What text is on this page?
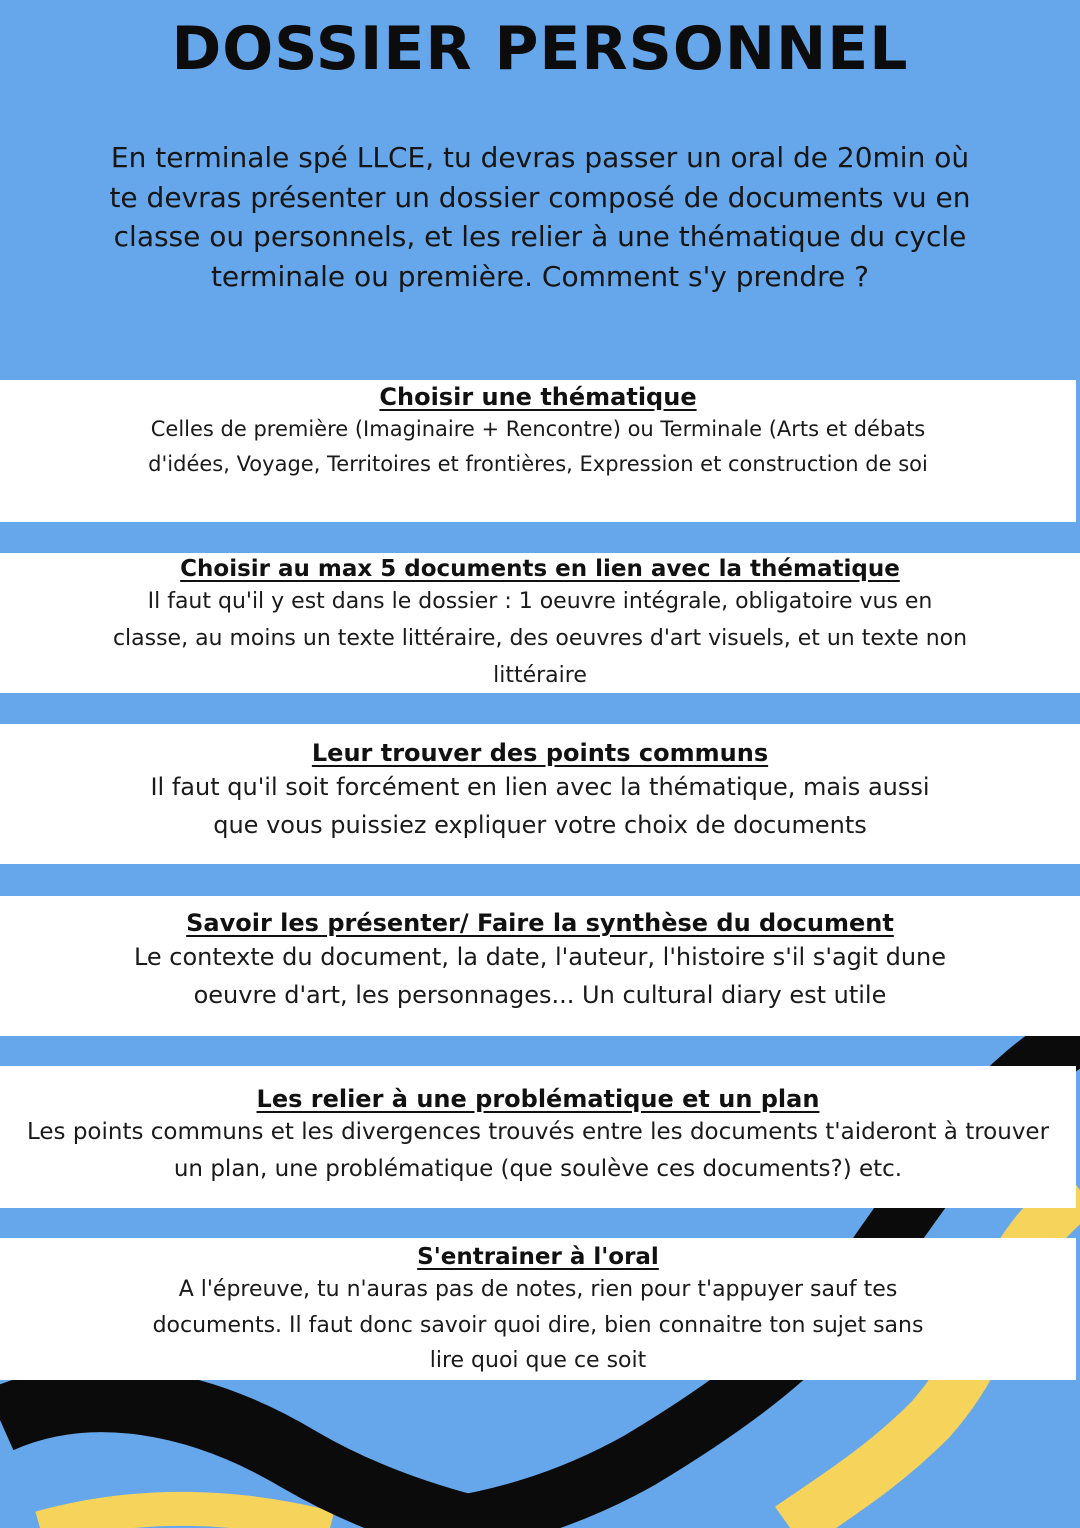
DOSSIER PERSONNEL
En terminale spé LLCE, tu devras passer un oral de 20min où te devras présenter un dossier composé de documents vu en classe ou personnels, et les relier à une thématique du cycle terminale ou première. Comment s'y prendre ?
Choisir une thématique

Celles de première (Imaginaire + Rencontre) ou Terminale (Arts et débats d'idées, Voyage, Territoires et frontières, Expression et construction de soi

Choisir au max 5 documents en lien avec la thématique

Il faut qu'il y est dans le dossier : 1 oeuvre intégrale, obligatoire vus en classe, au moins un texte littéraire, des oeuvres d'art visuels, et un texte non littéraire

Leur trouver des points communs

Il faut qu'il soit forcément en lien avec la thématique, mais aussi que vous puissiez expliquer votre choix de documents

Savoir les présenter/ Faire la synthèse du document

Le contexte du document, la date, l'auteur, l'histoire s'il s'agit dune oeuvre d'art, les personnages... Un cultural diary est utile

Les relier à une problématique et un plan

Les points communs et les divergences trouvés entre les documents t'aideront à trouver un plan, une problématique (que soulève ces documents?) etc.

S'entrainer à l'oral

A l'épreuve, tu n'auras pas de notes, rien pour t'appuyer sauf tes documents. Il faut donc savoir quoi dire, bien connaitre ton sujet sans lire quoi que ce soit
